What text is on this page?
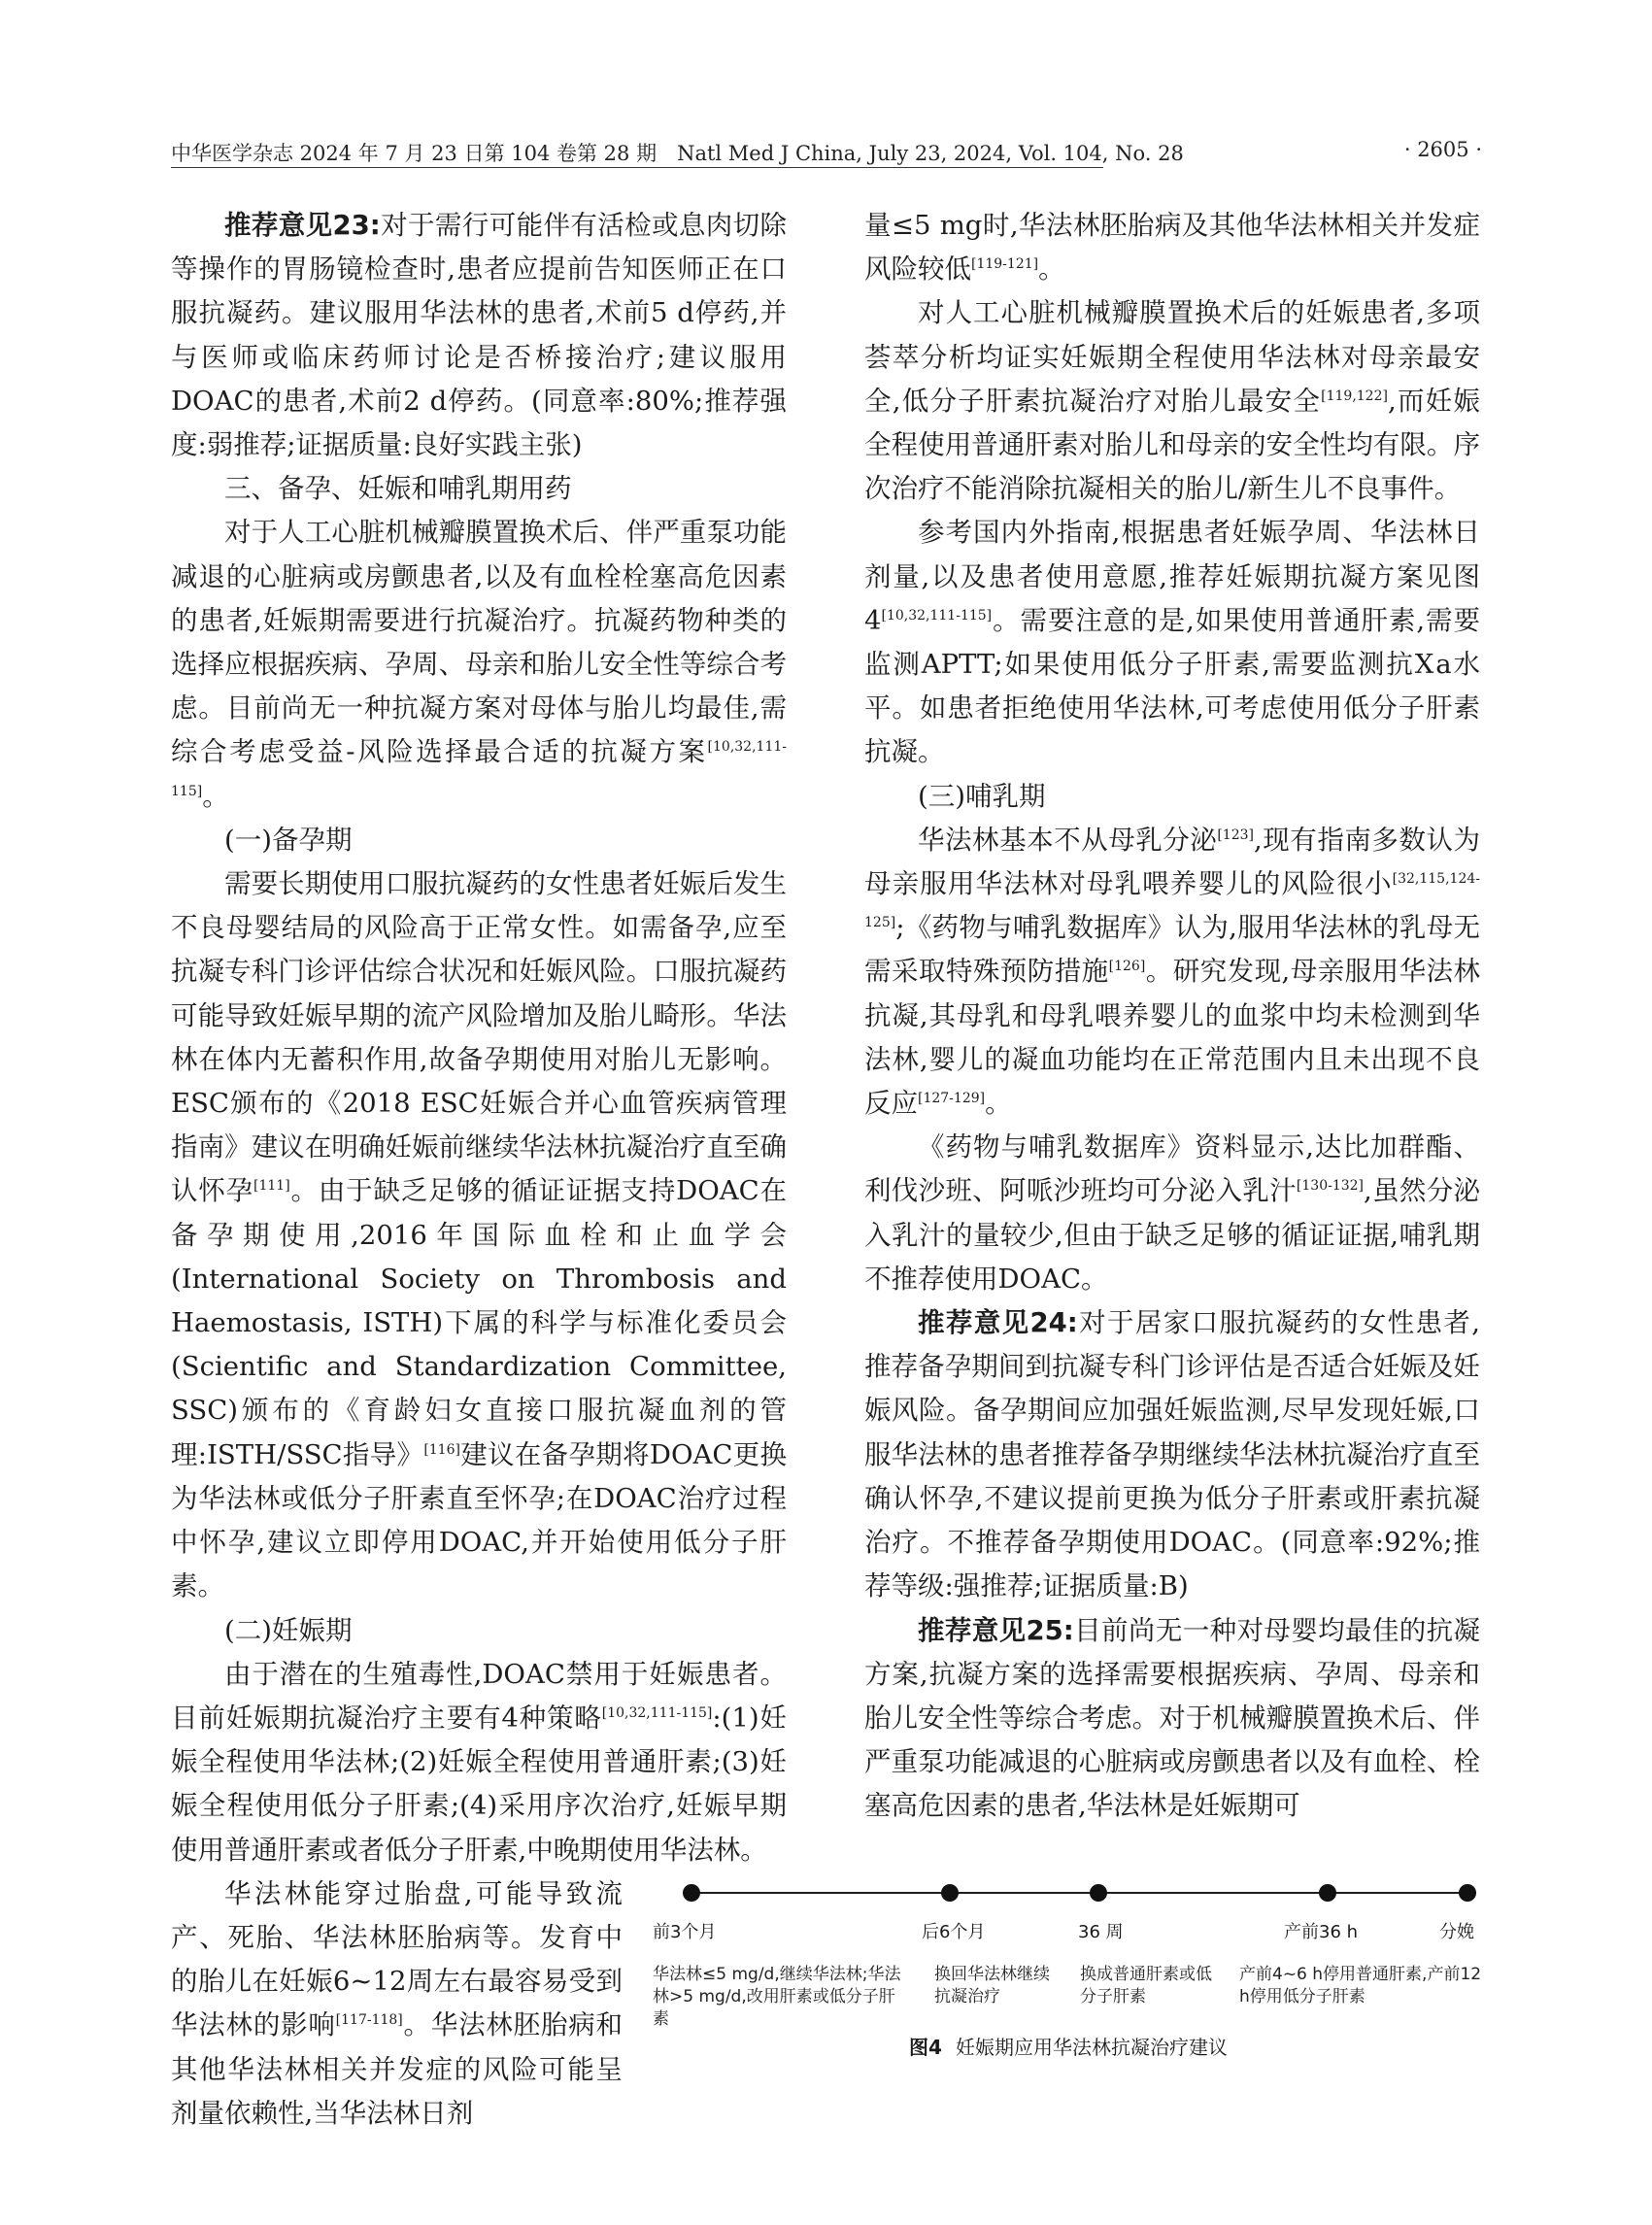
中华医学杂志 2024 年 7 月 23 日第 104 卷第 28 期　Natl Med J China, July 23, 2024, Vol. 104, No. 28	· 2605 ·

推荐意见23:对于需行可能伴有活检或息肉切除等操作的胃肠镜检查时,患者应提前告知医师正在口服抗凝药。建议服用华法林的患者,术前5 d停药,并与医师或临床药师讨论是否桥接治疗;建议服用DOAC的患者,术前2 d停药。(同意率:80%;推荐强度:弱推荐;证据质量:良好实践主张)

三、备孕、妊娠和哺乳期用药

对于人工心脏机械瓣膜置换术后、伴严重泵功能减退的心脏病或房颤患者,以及有血栓栓塞高危因素的患者,妊娠期需要进行抗凝治疗。抗凝药物种类的选择应根据疾病、孕周、母亲和胎儿安全性等综合考虑。目前尚无一种抗凝方案对母体与胎儿均最佳,需综合考虑受益-风险选择最合适的抗凝方案[10,32,111-115]。

(一)备孕期

需要长期使用口服抗凝药的女性患者妊娠后发生不良母婴结局的风险高于正常女性。如需备孕,应至抗凝专科门诊评估综合状况和妊娠风险。口服抗凝药可能导致妊娠早期的流产风险增加及胎儿畸形。华法林在体内无蓄积作用,故备孕期使用对胎儿无影响。ESC颁布的《2018 ESC妊娠合并心血管疾病管理指南》建议在明确妊娠前继续华法林抗凝治疗直至确认怀孕[111]。由于缺乏足够的循证证据支持DOAC在备孕期使用,2016年国际血栓和止血学会(International Society on Thrombosis and Haemostasis, ISTH)下属的科学与标准化委员会(Scientific and Standardization Committee, SSC)颁布的《育龄妇女直接口服抗凝血剂的管理:ISTH/SSC指导》[116]建议在备孕期将DOAC更换为华法林或低分子肝素直至怀孕;在DOAC治疗过程中怀孕,建议立即停用DOAC,并开始使用低分子肝素。

(二)妊娠期

由于潜在的生殖毒性,DOAC禁用于妊娠患者。目前妊娠期抗凝治疗主要有4种策略[10,32,111-115]:(1)妊娠全程使用华法林;(2)妊娠全程使用普通肝素;(3)妊娠全程使用低分子肝素;(4)采用序次治疗,妊娠早期使用普通肝素或者低分子肝素,中晚期使用华法林。

华法林能穿过胎盘,可能导致流产、死胎、华法林胚胎病等。发育中的胎儿在妊娠6~12周左右最容易受到华法林的影响[117-118]。华法林胚胎病和其他华法林相关并发症的风险可能呈剂量依赖性,当华法林日剂

量≤5 mg时,华法林胚胎病及其他华法林相关并发症风险较低[119-121]。

对人工心脏机械瓣膜置换术后的妊娠患者,多项荟萃分析均证实妊娠期全程使用华法林对母亲最安全,低分子肝素抗凝治疗对胎儿最安全[119,122],而妊娠全程使用普通肝素对胎儿和母亲的安全性均有限。序次治疗不能消除抗凝相关的胎儿/新生儿不良事件。

参考国内外指南,根据患者妊娠孕周、华法林日剂量,以及患者使用意愿,推荐妊娠期抗凝方案见图4[10,32,111-115]。需要注意的是,如果使用普通肝素,需要监测APTT;如果使用低分子肝素,需要监测抗Ⅹa水平。如患者拒绝使用华法林,可考虑使用低分子肝素抗凝。

(三)哺乳期

华法林基本不从母乳分泌[123],现有指南多数认为母亲服用华法林对母乳喂养婴儿的风险很小[32,115,124-125];《药物与哺乳数据库》认为,服用华法林的乳母无需采取特殊预防措施[126]。研究发现,母亲服用华法林抗凝,其母乳和母乳喂养婴儿的血浆中均未检测到华法林,婴儿的凝血功能均在正常范围内且未出现不良反应[127-129]。

《药物与哺乳数据库》资料显示,达比加群酯、利伐沙班、阿哌沙班均可分泌入乳汁[130-132],虽然分泌入乳汁的量较少,但由于缺乏足够的循证证据,哺乳期不推荐使用DOAC。

推荐意见24:对于居家口服抗凝药的女性患者,推荐备孕期间到抗凝专科门诊评估是否适合妊娠及妊娠风险。备孕期间应加强妊娠监测,尽早发现妊娠,口服华法林的患者推荐备孕期继续华法林抗凝治疗直至确认怀孕,不建议提前更换为低分子肝素或肝素抗凝治疗。不推荐备孕期使用DOAC。(同意率:92%;推荐等级:强推荐;证据质量:B)

推荐意见25:目前尚无一种对母婴均最佳的抗凝方案,抗凝方案的选择需要根据疾病、孕周、母亲和胎儿安全性等综合考虑。对于机械瓣膜置换术后、伴严重泵功能减退的心脏病或房颤患者以及有血栓、栓塞高危因素的患者,华法林是妊娠期可

前3个月	后6个月	36 周	产前36 h	分娩
华法林≤5 mg/d,继续华法林;华法林>5 mg/d,改用肝素或低分子肝素
换回华法林继续抗凝治疗
换成普通肝素或低分子肝素
产前4~6 h停用普通肝素,产前12 h停用低分子肝素
图4 妊娠期应用华法林抗凝治疗建议
